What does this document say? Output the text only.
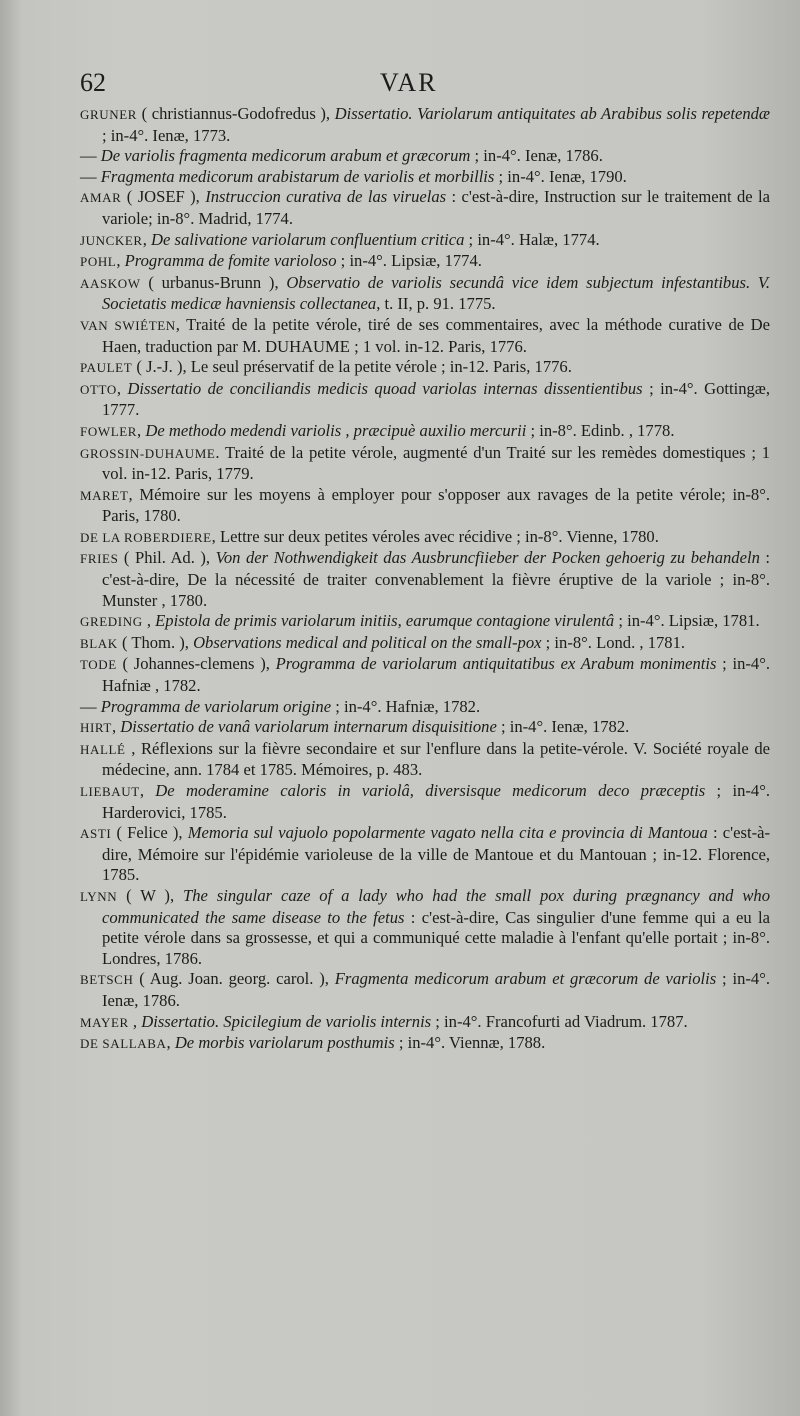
62	VAR

GRUNER ( christiannus-Godofredus ), Dissertatio. Variolarum antiquitates ab Arabibus solis repetendæ ; in-4°. Ienæ, 1773.

— De variolis fragmenta medicorum arabum et græcorum ; in-4°. Ienæ, 1786.

— Fragmenta medicorum arabistarum de variolis et morbillis ; in-4°. Ienæ, 1790.

AMAR ( JOSEF ), Instruccion curativa de las viruelas : c'est-à-dire, Instruction sur le traitement de la variole; in-8°. Madrid, 1774.

JUNCKER, De salivatione variolarum confluentium critica ; in-4°. Halæ, 1774.

POHL, Programma de fomite varioloso ; in-4°. Lipsiæ, 1774.

AASKOW ( urbanus-Brunn ), Observatio de variolis secundâ vice idem subjectum infestantibus. V. Societatis medicæ havniensis collectanea, t. II, p. 91. 1775.

VAN SWIÉTEN, Traité de la petite vérole, tiré de ses commentaires, avec la méthode curative de De Haen, traduction par M. DUHAUME ; 1 vol. in-12. Paris, 1776.

PAULET ( J.-J. ), Le seul préservatif de la petite vérole ; in-12. Paris, 1776.

OTTO, Dissertatio de conciliandis medicis quoad variolas internas dissentientibus ; in-4°. Gottingæ, 1777.

FOWLER, De methodo medendi variolis , præcipuè auxilio mercurii ; in-8°. Edinb. , 1778.

GROSSIN-DUHAUME. Traité de la petite vérole, augmenté d'un Traité sur les remèdes domestiques ; 1 vol. in-12. Paris, 1779.

MARET, Mémoire sur les moyens à employer pour s'opposer aux ravages de la petite vérole; in-8°. Paris, 1780.

DE LA ROBERDIERE, Lettre sur deux petites véroles avec récidive ; in-8°. Vienne, 1780.

FRIES ( Phil. Ad. ), Von der Nothwendigkeit das Ausbruncfiieber der Pocken gehoerig zu behandeln : c'est-à-dire, De la nécessité de traiter convenablement la fièvre éruptive de la variole ; in-8°. Munster , 1780.

GREDING , Epistola de primis variolarum initiis, earumque contagione virulentâ ; in-4°. Lipsiæ, 1781.

BLAK ( Thom. ), Observations medical and political on the small-pox ; in-8°. Lond. , 1781.

TODE ( Johannes-clemens ), Programma de variolarum antiquitatibus ex Arabum monimentis ; in-4°. Hafniæ , 1782.

— Programma de variolarum origine ; in-4°. Hafniæ, 1782.

HIRT, Dissertatio de vanâ variolarum internarum disquisitione ; in-4°. Ienæ, 1782.

HALLÉ , Réflexions sur la fièvre secondaire et sur l'enflure dans la petite-vérole. V. Société royale de médecine, ann. 1784 et 1785. Mémoires, p. 483.

LIEBAUT, De moderamine caloris in variolâ, diversisque medicorum deco præceptis ; in-4°. Harderovici, 1785.

ASTI ( Felice ), Memoria sul vajuolo popolarmente vagato nella cita e provincia di Mantoua : c'est-à-dire, Mémoire sur l'épidémie varioleuse de la ville de Mantoue et du Mantouan ; in-12. Florence, 1785.

LYNN ( W ), The singular caze of a lady who had the small pox during prægnancy and who communicated the same disease to the fetus : c'est-à-dire, Cas singulier d'une femme qui a eu la petite vérole dans sa grossesse, et qui a communiqué cette maladie à l'enfant qu'elle portait ; in-8°. Londres, 1786.

BETSCH ( Aug. Joan. georg. carol. ), Fragmenta medicorum arabum et græcorum de variolis ; in-4°. Ienæ, 1786.

MAYER , Dissertatio. Spicilegium de variolis internis ; in-4°. Francofurti ad Viadrum. 1787.

DE SALLABA, De morbis variolarum posthumis ; in-4°. Viennæ, 1788.
